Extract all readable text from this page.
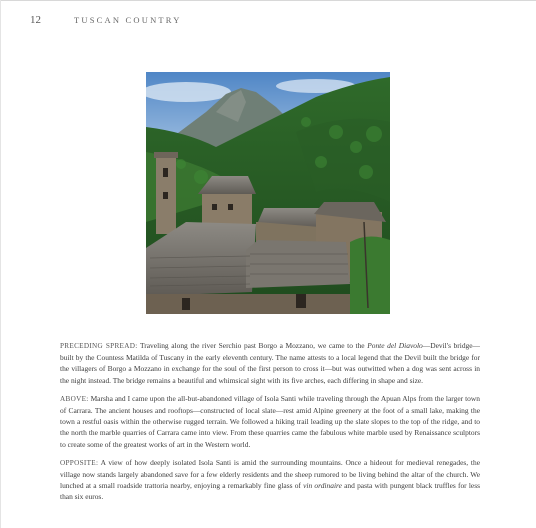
12	TUSCAN COUNTRY

PRECEDING SPREAD: Traveling along the river Serchio past Borgo a Mozzano, we came to the Ponte del Diavolo—Devil's bridge—built by the Countess Matilda of Tuscany in the early eleventh century. The name attests to a local legend that the Devil built the bridge for the villagers of Borgo a Mozzano in exchange for the soul of the first person to cross it—but was outwitted when a dog was sent across in the night instead. The bridge remains a beautiful and whimsical sight with its five arches, each differing in shape and size.

ABOVE: Marsha and I came upon the all-but-abandoned village of Isola Santi while traveling through the Apuan Alps from the larger town of Carrara. The ancient houses and rooftops—constructed of local slate—rest amid Alpine greenery at the foot of a small lake, making the town a restful oasis within the otherwise rugged terrain. We followed a hiking trail leading up the slate slopes to the top of the ridge, and to the north the marble quarries of Carrara came into view. From these quarries came the fabulous white marble used by Renaissance sculptors to create some of the greatest works of art in the Western world.

OPPOSITE: A view of how deeply isolated Isola Santi is amid the surrounding mountains. Once a hideout for medieval renegades, the village now stands largely abandoned save for a few elderly residents and the sheep rumored to be living behind the altar of the church. We lunched at a small roadside trattoria nearby, enjoying a remarkably fine glass of vin ordinaire and pasta with pungent black truffles for less than six euros.
